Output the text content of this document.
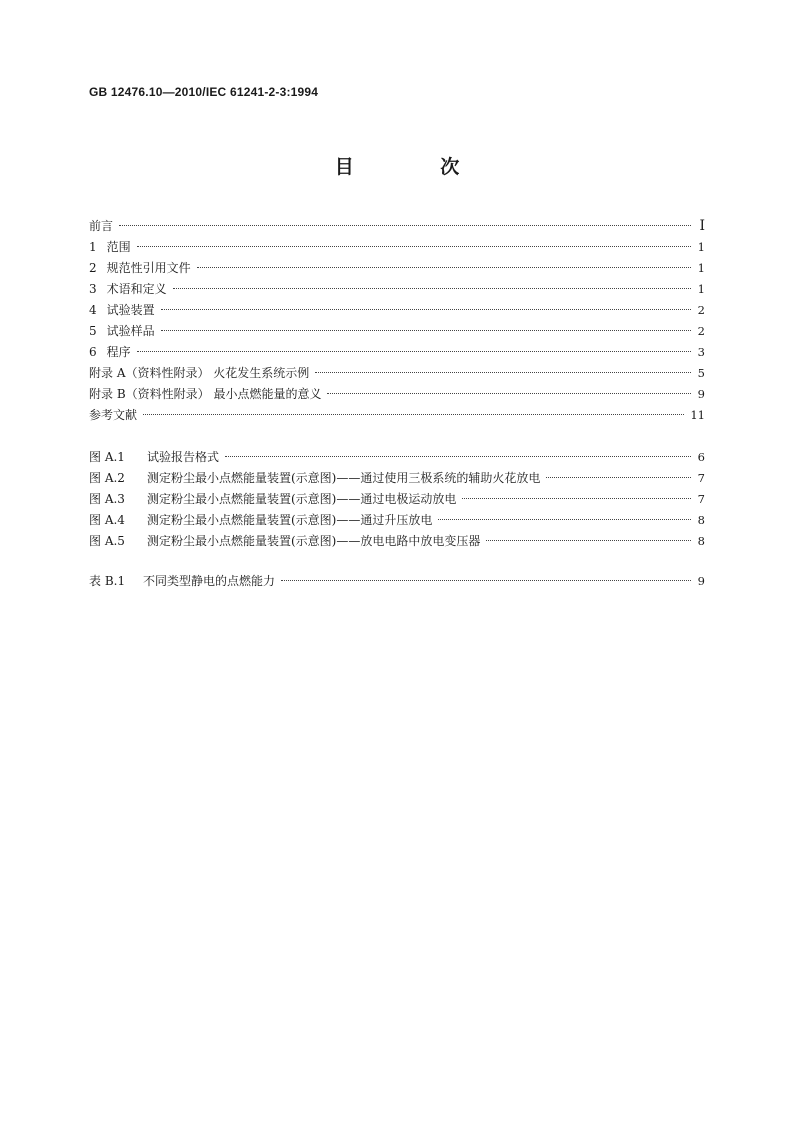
GB 12476.10—2010/IEC 61241-2-3:1994
目 次
前言	Ⅰ
1 范围	1
2 规范性引用文件	1
3 术语和定义	1
4 试验装置	2
5 试验样品	2
6 程序	3
附录 A（资料性附录） 火花发生系统示例	5
附录 B（资料性附录） 最小点燃能量的意义	9
参考文献	11
图 A.1 试验报告格式	6
图 A.2 测定粉尘最小点燃能量装置(示意图)——通过使用三极系统的辅助火花放电	7
图 A.3 测定粉尘最小点燃能量装置(示意图)——通过电极运动放电	7
图 A.4 测定粉尘最小点燃能量装置(示意图)——通过升压放电	8
图 A.5 测定粉尘最小点燃能量装置(示意图)——放电电路中放电变压器	8
表 B.1 不同类型静电的点燃能力	9
